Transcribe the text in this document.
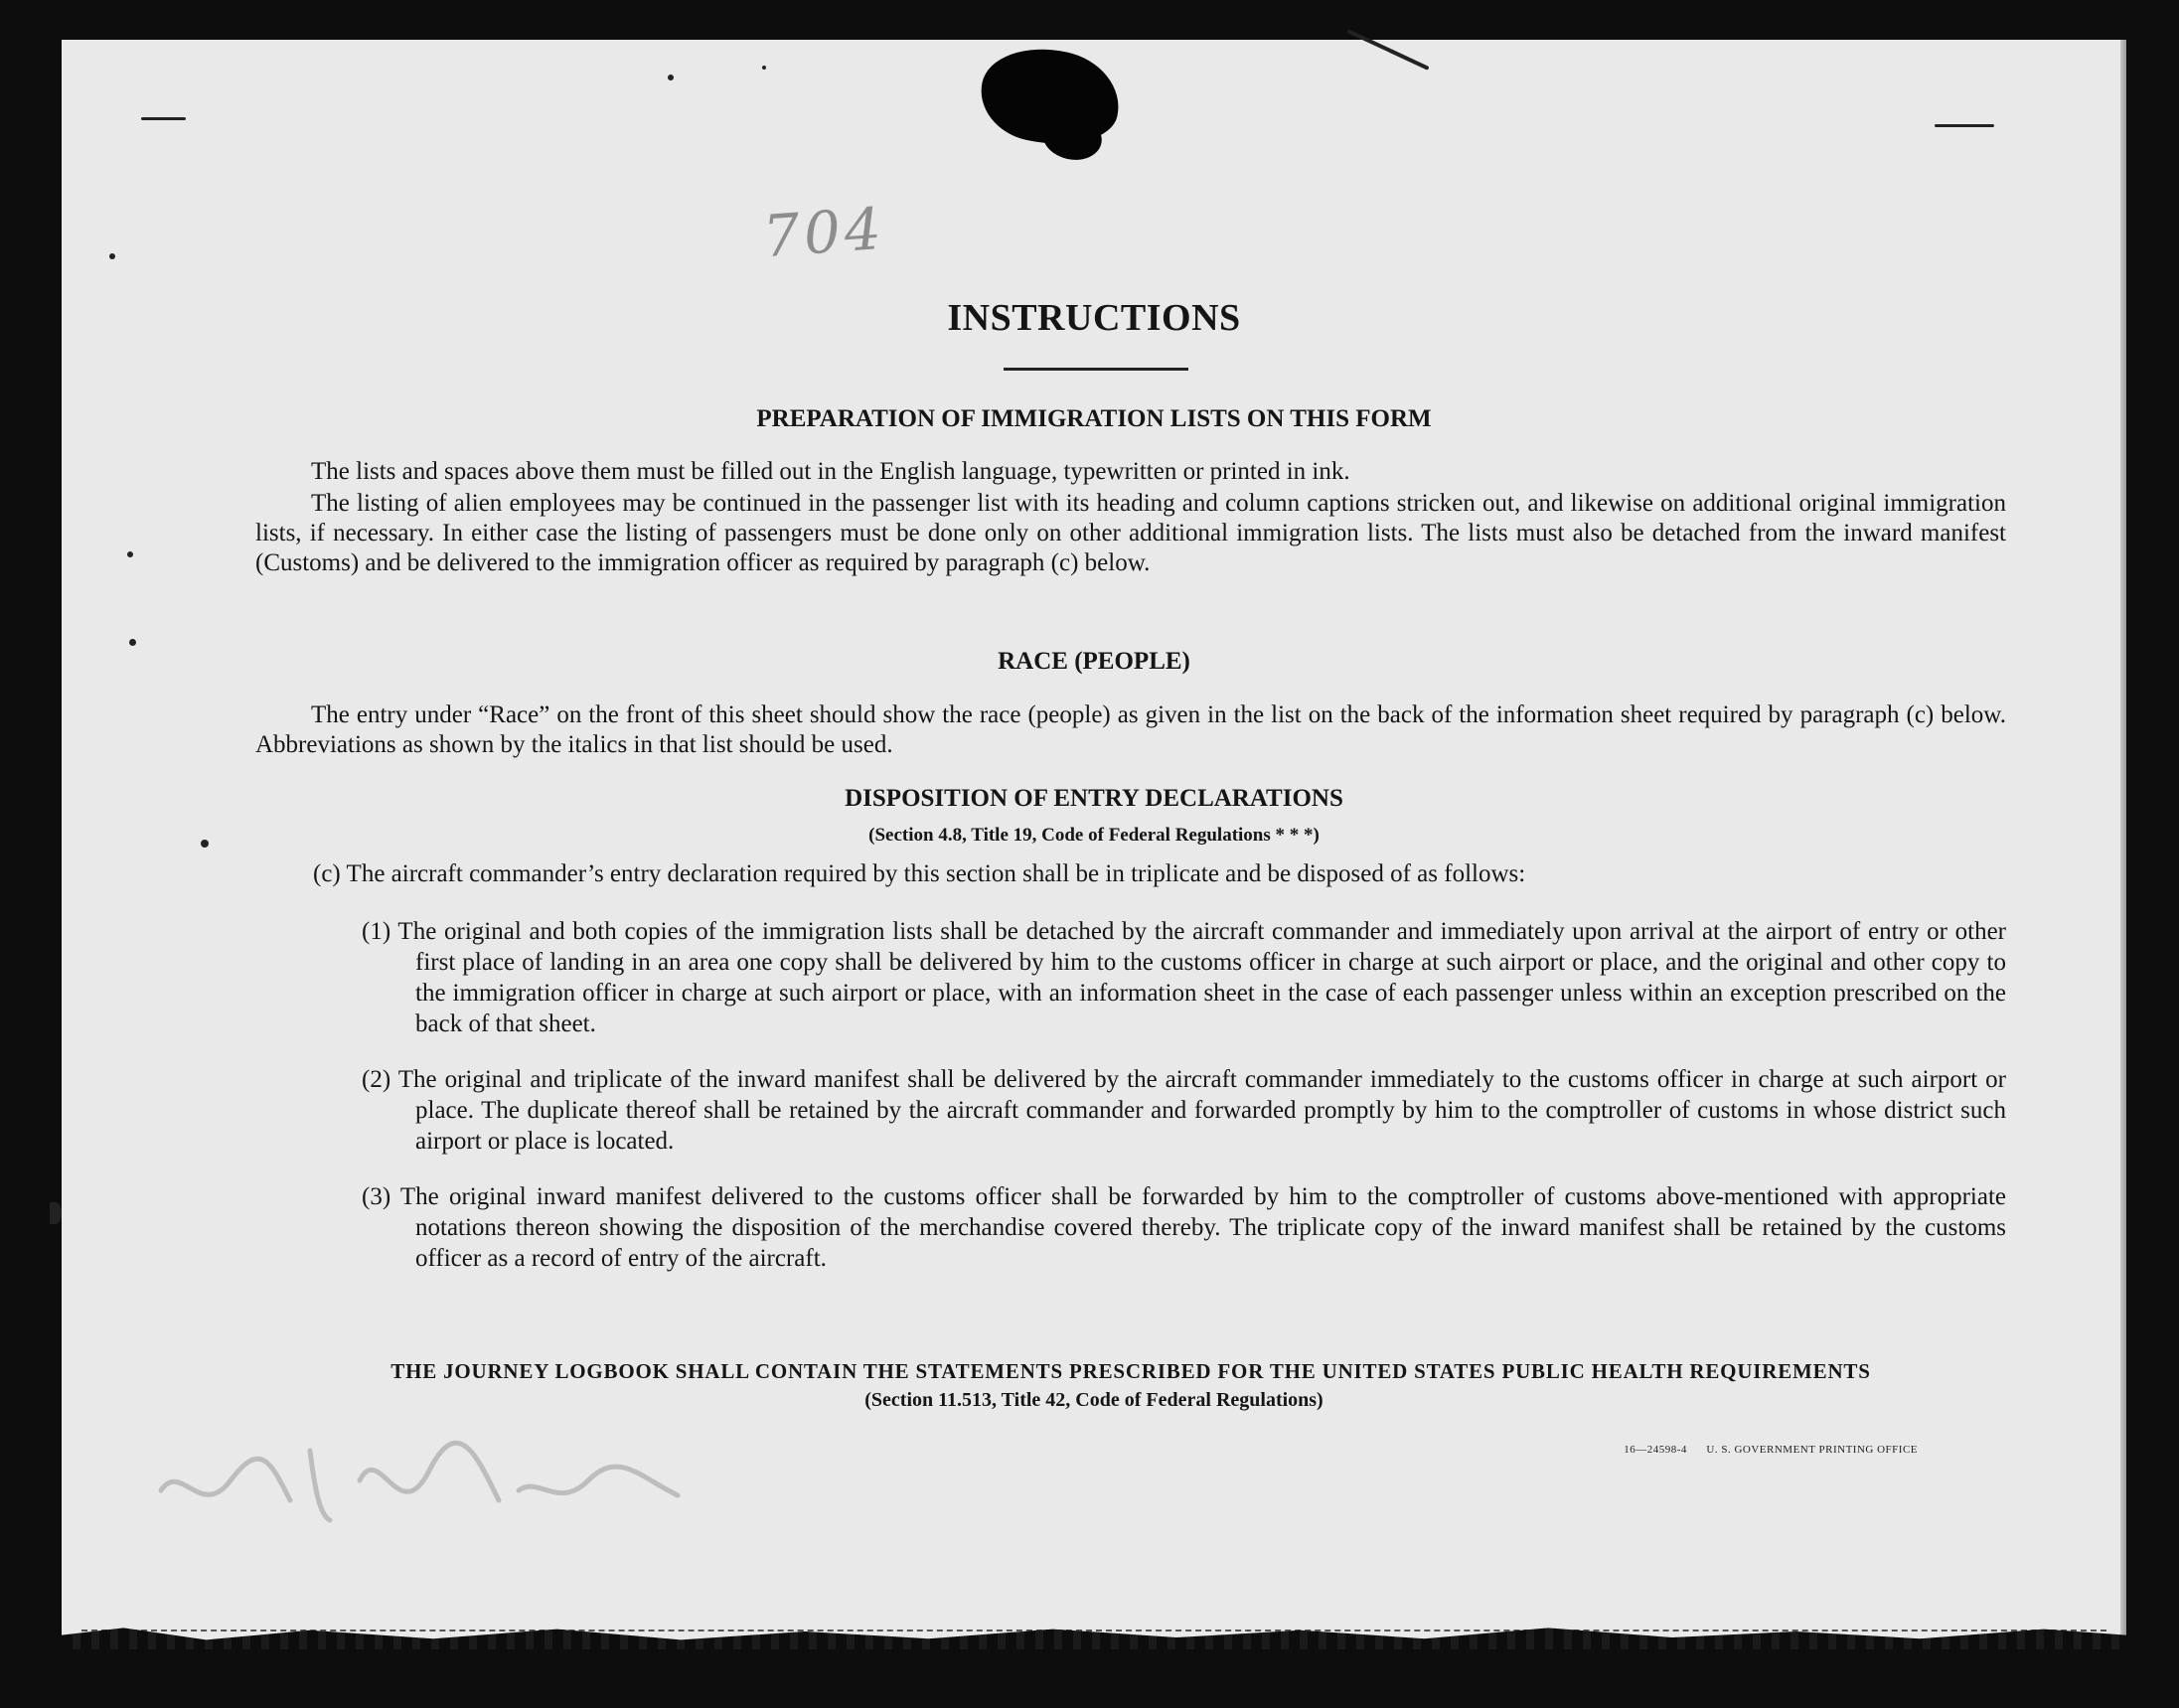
704
INSTRUCTIONS
PREPARATION OF IMMIGRATION LISTS ON THIS FORM
The lists and spaces above them must be filled out in the English language, typewritten or printed in ink.
The listing of alien employees may be continued in the passenger list with its heading and column captions stricken out, and likewise on additional original immigration lists, if necessary. In either case the listing of passengers must be done only on other additional immigration lists. The lists must also be detached from the inward manifest (Customs) and be delivered to the immigration officer as required by paragraph (c) below.
RACE (PEOPLE)
The entry under “Race” on the front of this sheet should show the race (people) as given in the list on the back of the information sheet required by paragraph (c) below. Abbreviations as shown by the italics in that list should be used.
DISPOSITION OF ENTRY DECLARATIONS
(Section 4.8, Title 19, Code of Federal Regulations * * *)
(c) The aircraft commander’s entry declaration required by this section shall be in triplicate and be disposed of as follows:
(1) The original and both copies of the immigration lists shall be detached by the aircraft commander and immediately upon arrival at the airport of entry or other first place of landing in an area one copy shall be delivered by him to the customs officer in charge at such airport or place, and the original and other copy to the immigration officer in charge at such airport or place, with an information sheet in the case of each passenger unless within an exception prescribed on the back of that sheet.
(2) The original and triplicate of the inward manifest shall be delivered by the aircraft commander immediately to the customs officer in charge at such airport or place. The duplicate thereof shall be retained by the aircraft commander and forwarded promptly by him to the comptroller of customs in whose district such airport or place is located.
(3) The original inward manifest delivered to the customs officer shall be forwarded by him to the comptroller of customs above-mentioned with appropriate notations thereon showing the disposition of the merchandise covered thereby. The triplicate copy of the inward manifest shall be retained by the customs officer as a record of entry of the aircraft.
THE JOURNEY LOGBOOK SHALL CONTAIN THE STATEMENTS PRESCRIBED FOR THE UNITED STATES PUBLIC HEALTH REQUIREMENTS
(Section 11.513, Title 42, Code of Federal Regulations)
16—24598-4 U. S. GOVERNMENT PRINTING OFFICE
